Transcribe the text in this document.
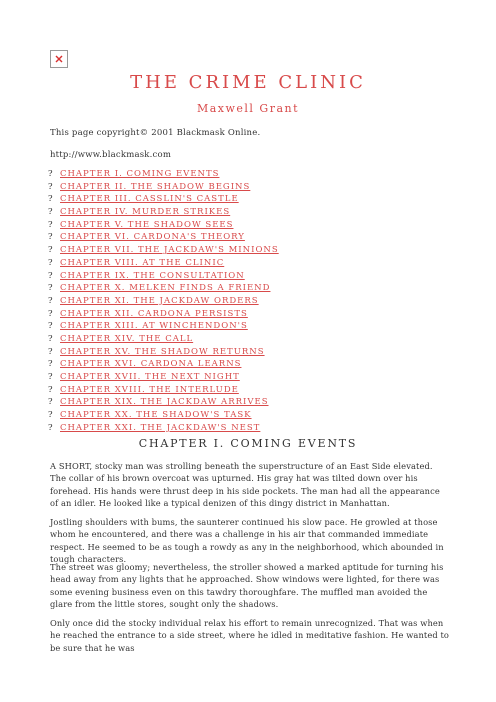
THE CRIME CLINIC

Maxwell Grant

This page copyright© 2001 Blackmask Online.

http://www.blackmask.com

? CHAPTER I. COMING EVENTS
? CHAPTER II. THE SHADOW BEGINS
? CHAPTER III. CASSLIN'S CASTLE
? CHAPTER IV. MURDER STRIKES
? CHAPTER V. THE SHADOW SEES
? CHAPTER VI. CARDONA'S THEORY
? CHAPTER VII. THE JACKDAW'S MINIONS
? CHAPTER VIII. AT THE CLINIC
? CHAPTER IX. THE CONSULTATION
? CHAPTER X. MELKEN FINDS A FRIEND
? CHAPTER XI. THE JACKDAW ORDERS
? CHAPTER XII. CARDONA PERSISTS
? CHAPTER XIII. AT WINCHENDON'S
? CHAPTER XIV. THE CALL
? CHAPTER XV. THE SHADOW RETURNS
? CHAPTER XVI. CARDONA LEARNS
? CHAPTER XVII. THE NEXT NIGHT
? CHAPTER XVIII. THE INTERLUDE
? CHAPTER XIX. THE JACKDAW ARRIVES
? CHAPTER XX. THE SHADOW'S TASK
? CHAPTER XXI. THE JACKDAW'S NEST
CHAPTER I. COMING EVENTS

A SHORT, stocky man was strolling beneath the superstructure of an East Side elevated. The collar of his brown overcoat was upturned. His gray hat was tilted down over his forehead. His hands were thrust deep in his side pockets. The man had all the appearance of an idler. He looked like a typical denizen of this dingy district in Manhattan.

Jostling shoulders with bums, the saunterer continued his slow pace. He growled at those whom he encountered, and there was a challenge in his air that commanded immediate respect. He seemed to be as tough a rowdy as any in the neighborhood, which abounded in tough characters.

The street was gloomy; nevertheless, the stroller showed a marked aptitude for turning his head away from any lights that he approached. Show windows were lighted, for there was some evening business even on this tawdry thoroughfare. The muffled man avoided the glare from the little stores, sought only the shadows.

Only once did the stocky individual relax his effort to remain unrecognized. That was when he reached the entrance to a side street, where he idled in meditative fashion. He wanted to be sure that he was
